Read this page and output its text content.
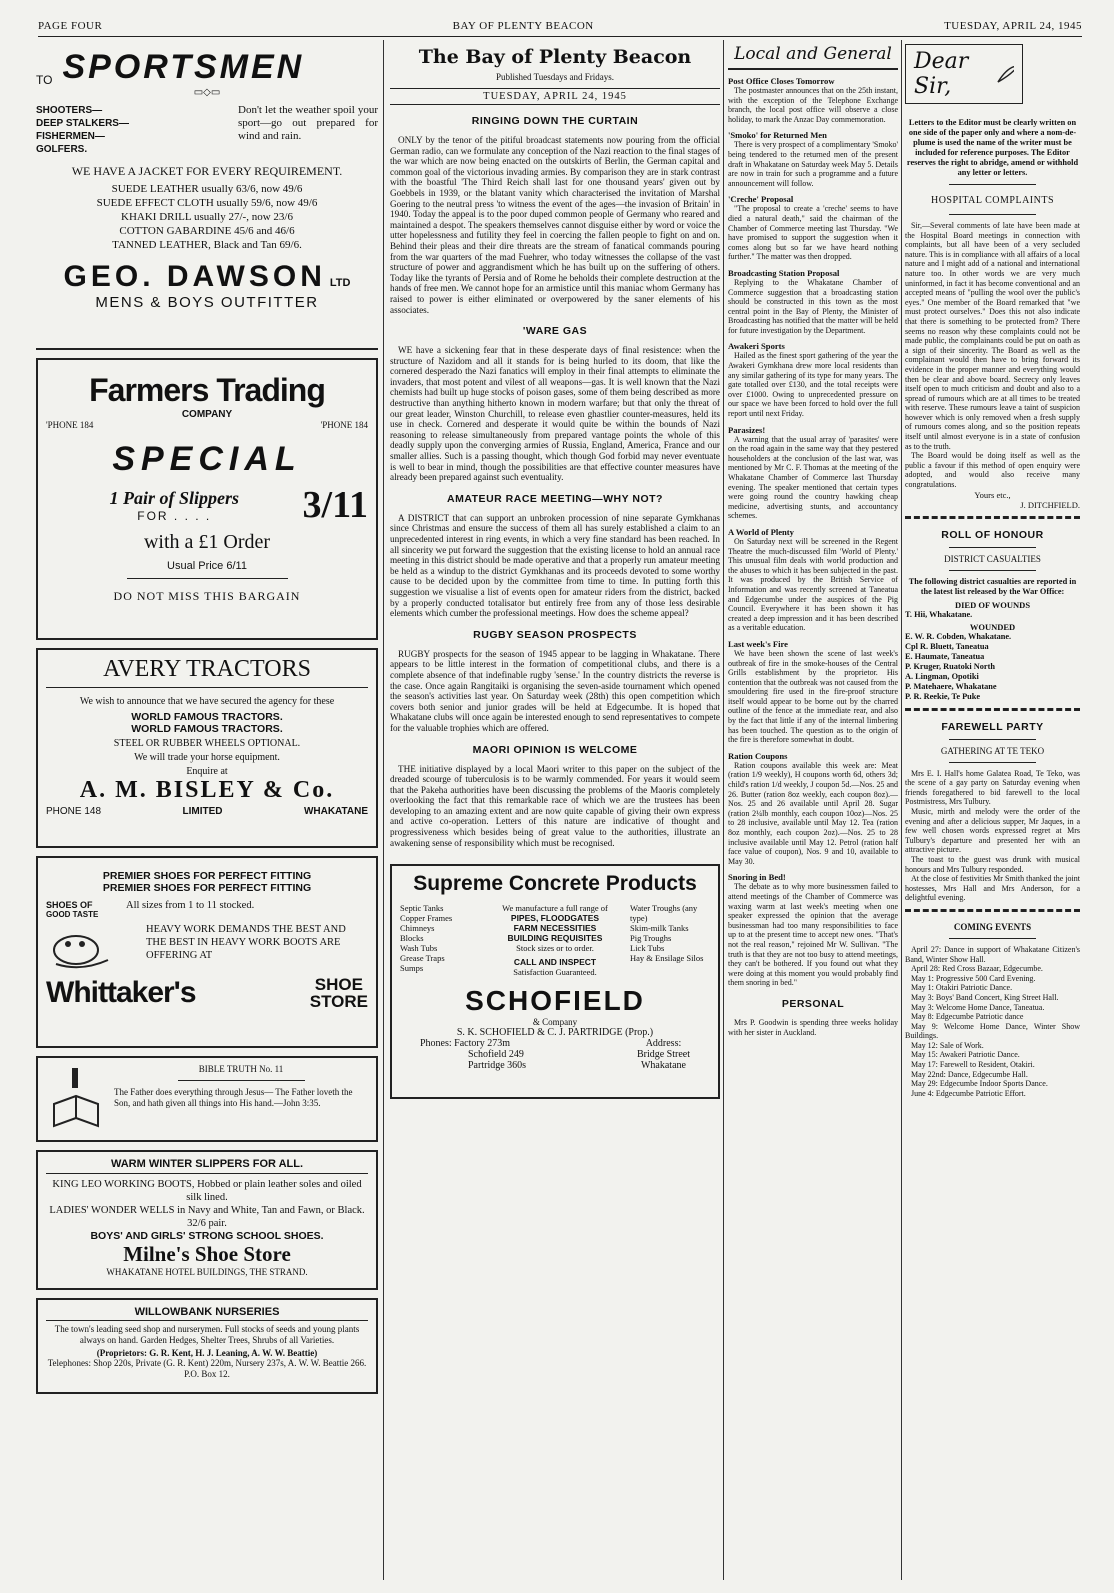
PAGE FOUR	BAY OF PLENTY BEACON	TUESDAY, APRIL 24, 1945
TO SPORTSMEN
▭◇▭
SHOOTERS—
DEEP STALKERS—
FISHERMEN—
GOLFERS.
Don't let the weather spoil your sport—go out prepared for wind and rain.
WE HAVE A JACKET FOR EVERY REQUIREMENT.
SUEDE LEATHER usually 63/6, now 49/6
SUEDE EFFECT CLOTH usually 59/6, now 49/6
KHAKI DRILL usually 27/-, now 23/6
COTTON GABARDINE 45/6 and 46/6
TANNED LEATHER, Black and Tan 69/6.
GEO. DAWSON LTD
MENS & BOYS OUTFITTER
Farmers Trading
COMPANY
'PHONE 184	'PHONE 184
SPECIAL
1 Pair of Slippers
FOR . . . .	3/11
with a £1 Order
Usual Price 6/11
DO NOT MISS THIS BARGAIN
AVERY TRACTORS
We wish to announce that we have secured the agency for these
WORLD FAMOUS TRACTORS.
WORLD FAMOUS TRACTORS.
STEEL OR RUBBER WHEELS OPTIONAL.
We will trade your horse equipment.
Enquire at
A. M. BISLEY & Co.
PHONE 148	LIMITED	WHAKATANE
PREMIER SHOES FOR PERFECT FITTING
PREMIER SHOES FOR PERFECT FITTING
SHOES OF
GOOD TASTE
All sizes from 1 to 11 stocked.
HEAVY WORK DEMANDS THE BEST AND THE BEST IN HEAVY WORK BOOTS ARE OFFERING AT
Whittaker's	SHOE
STORE
BIBLE TRUTH No. 11
The Father does everything through Jesus— The Father loveth the Son, and hath given all things into His hand.—John 3:35.
WARM WINTER SLIPPERS FOR ALL.
KING LEO WORKING BOOTS, Hobbed or plain leather soles and oiled silk lined.
LADIES' WONDER WELLS in Navy and White, Tan and Fawn, or Black. 32/6 pair.
BOYS' AND GIRLS' STRONG SCHOOL SHOES.
Milne's Shoe Store
WHAKATANE HOTEL BUILDINGS, THE STRAND.
WILLOWBANK NURSERIES
The town's leading seed shop and nurserymen. Full stocks of seeds and young plants always on hand. Garden Hedges, Shelter Trees, Shrubs of all Varieties.
(Proprietors: G. R. Kent, H. J. Leaning, A. W. W. Beattie)
Telephones: Shop 220s, Private (G. R. Kent) 220m, Nursery 237s, A. W. W. Beattie 266. P.O. Box 12.
The Bay of Plenty Beacon
Published Tuesdays and Fridays.
TUESDAY, APRIL 24, 1945
RINGING DOWN THE CURTAIN

ONLY by the tenor of the pitiful broadcast statements now pouring from the official German radio, can we formulate any conception of the Nazi reaction to the final stages of the war which are now being enacted on the outskirts of Berlin, the German capital and common goal of the victorious invading armies. By comparison they are in stark contrast with the boastful 'The Third Reich shall last for one thousand years' given out by Goebbels in 1939, or the blatant vanity which characterised the invitation of Marshal Goering to the neutral press 'to witness the event of the ages—the invasion of Britain' in 1940. Today the appeal is to the poor duped common people of Germany who reared and maintained a despot. The speakers themselves cannot disguise either by word or voice the utter hopelessness and futility they feel in coercing the fallen people to fight on and on. Behind their pleas and their dire threats are the stream of fanatical commands pouring from the war quarters of the mad Fuehrer, who today witnesses the collapse of the vast structure of power and aggrandisment which he has built up on the suffering of others. Today like the tyrants of Persia and of Rome he beholds their complete destruction at the hands of free men. We cannot hope for an armistice until this maniac whom Germany has raised to power is either eliminated or overpowered by the saner elements of his associates.

'WARE GAS

WE have a sickening fear that in these desperate days of final resistence: when the structure of Nazidom and all it stands for is being hurled to its doom, that like the cornered desperado the Nazi fanatics will employ in their final attempts to eliminate the invaders, that most potent and vilest of all weapons—gas. It is well known that the Nazi chemists had built up huge stocks of poison gases, some of them being described as more destructive than anything hitherto known in modern warfare; but that only the threat of our great leader, Winston Churchill, to release even ghastlier counter-measures, held its use in check. Cornered and desperate it would quite be within the bounds of Nazi reasoning to release simultaneously from prepared vantage points the whole of this deadly supply upon the converging armies of Russia, England, America, France and our smaller allies. Such is a passing thought, which though God forbid may never eventuate is well to bear in mind, though the possibilities are that effective counter measures have already been prepared against such eventuality.

AMATEUR RACE MEETING—WHY NOT?

A DISTRICT that can support an unbroken procession of nine separate Gymkhanas since Christmas and ensure the success of them all has surely established a claim to an unprecedented interest in ring events, in which a very fine standard has been reached. In all sincerity we put forward the suggestion that the existing license to hold an annual race meeting in this district should be made operative and that a properly run amateur meeting be held as a windup to the district Gymkhanas and its proceeds devoted to some worthy cause to be decided upon by the committee from time to time. In putting forth this suggestion we visualise a list of events open for amateur riders from the district, backed by a properly conducted totalisator but entirely free from any of those less desirable elements which cumber the professional meetings. How does the scheme appeal?

RUGBY SEASON PROSPECTS

RUGBY prospects for the season of 1945 appear to be lagging in Whakatane. There appears to be little interest in the formation of competitional clubs, and there is a complete absence of that indefinable rugby 'sense.' In the country districts the reverse is the case. Once again Rangitaiki is organising the seven-aside tournament which opened the season's activities last year. On Saturday week (28th) this open competition which covers both senior and junior grades will be held at Edgecumbe. It is hoped that Whakatane clubs will once again be interested enough to send representatives to compete for the valuable trophies which are offered.

MAORI OPINION IS WELCOME

THE initiative displayed by a local Maori writer to this paper on the subject of the dreaded scourge of tuberculosis is to be warmly commended. For years it would seem that the Pakeha authorities have been discussing the problems of the Maoris completely overlooking the fact that this remarkable race of which we are the trustees has been developing to an amazing extent and are now quite capable of giving their own express and active co-operation. Letters of this nature are indicative of thought and progressiveness which besides being of great value to the authorities, illustrate an awakening sense of responsibility which must be recognised.

Supreme Concrete Products
Septic Tanks
Copper Frames
Chimneys
Blocks
Wash Tubs
Grease Traps
Sumps
We manufacture a full range of
PIPES, FLOODGATES
FARM NECESSITIES
BUILDING REQUISITES
Stock sizes or to order.
CALL AND INSPECT
Satisfaction Guaranteed.
Water Troughs (any type)
Skim-milk Tanks
Pig Troughs
Lick Tubs
Hay & Ensilage Silos
SCHOFIELD
& Company
S. K. SCHOFIELD & C. J. PARTRIDGE (Prop.)
Phones: Factory 273m
Schofield 249
Partridge 360s
Address:
Bridge Street
Whakatane
Local and General
Post Office Closes Tomorrow

The postmaster announces that on the 25th instant, with the exception of the Telephone Exchange branch, the local post office will observe a close holiday, to mark the Anzac Day commemoration.

'Smoko' for Returned Men

There is very prospect of a complimentary 'Smoko' being tendered to the returned men of the present draft in Whakatane on Saturday week May 5. Details are now in train for such a programme and a future announcement will follow.

'Creche' Proposal

"The proposal to create a 'creche' seems to have died a natural death," said the chairman of the Chamber of Commerce meeting last Thursday. "We have promised to support the suggestion when it comes along but so far we have heard nothing further." The matter was then dropped.

Broadcasting Station Proposal

Replying to the Whakatane Chamber of Commerce suggestion that a broadcasting station should be constructed in this town as the most central point in the Bay of Plenty, the Minister of Broadcasting has notified that the matter will be held for future investigation by the Department.

Awakeri Sports

Hailed as the finest sport gathering of the year the Awakeri Gymkhana drew more local residents than any similar gathering of its type for many years. The gate totalled over £130, and the total receipts were over £1000. Owing to unprecedented pressure on our space we have been forced to hold over the full report until next Friday.

Parasizes!

A warning that the usual array of 'parasites' were on the road again in the same way that they pestered householders at the conclusion of the last war, was mentioned by Mr C. F. Thomas at the meeting of the Whakatane Chamber of Commerce last Thursday evening. The speaker mentioned that certain types were going round the country hawking cheap medicine, advertising stunts, and accountancy schemes.

A World of Plenty

On Saturday next will be screened in the Regent Theatre the much-discussed film 'World of Plenty.' This unusual film deals with world production and the abuses to which it has been subjected in the past. It was produced by the British Service of Information and was recently screened at Taneatua and Edgecumbe under the auspices of the Pig Council. Everywhere it has been shown it has created a deep impression and it has been described as a veritable education.

Last week's Fire

We have been shown the scene of last week's outbreak of fire in the smoke-houses of the Central Grills establishment by the proprietor. His contention that the outbreak was not caused from the smouldering fire used in the fire-proof structure itself would appear to be borne out by the charred outline of the fence at the immediate rear, and also by the fact that little if any of the internal limbering has been touched. The question as to the origin of the fire is therefore somewhat in doubt.

Ration Coupons

Ration coupons available this week are: Meat (ration 1/9 weekly), H coupons worth 6d, others 3d; child's ration 1/d weekly, J coupon 5d.—Nos. 25 and 26. Butter (ration 8oz weekly, each coupon 8oz).—Nos. 25 and 26 available until April 28. Sugar (ration 2¼lb monthly, each coupon 10oz)—Nos. 25 to 28 inclusive, available until May 12. Tea (ration 8oz monthly, each coupon 2oz).—Nos. 25 to 28 inclusive available until May 12. Petrol (ration half face value of coupon), Nos. 9 and 10, available to May 30.

Snoring in Bed!

The debate as to why more businessmen failed to attend meetings of the Chamber of Commerce was waxing warm at last week's meeting when one speaker expressed the opinion that the average businessman had too many responsibilities to face up to at the present time to accept new ones. "That's not the real reason," rejoined Mr W. Sullivan. "The truth is that they are not too busy to attend meetings, they can't be bothered. If you found out what they were doing at this moment you would probably find them snoring in bed."

PERSONAL

Mrs P. Goodwin is spending three weeks holiday with her sister in Auckland.

Dear Sir,

Letters to the Editor must be clearly written on one side of the paper only and where a nom-de-plume is used the name of the writer must be included for reference purposes. The Editor reserves the right to abridge, amend or withhold any letter or letters.

HOSPITAL COMPLAINTS

Sir,—Several comments of late have been made at the Hospital Board meetings in connection with complaints, but all have been of a very secluded nature. This is in compliance with all affairs of a local nature and I might add of a national and international nature too. In other words we are very much uninformed, in fact it has become conventional and an accepted means of "pulling the wool over the public's eyes." One member of the Board remarked that "we must protect ourselves." Does this not also indicate that there is something to be protected from? There seems no reason why these complaints could not be made public, the complainants could be put on oath as a sign of their sincerity. The Board as well as the complainant would then have to bring forward its evidence in the proper manner and everything would then be clear and above board. Secrecy only leaves itself open to much criticism and doubt and also to a spread of rumours which are at all times to be treated with reserve. These rumours leave a taint of suspicion however which is only removed when a fresh supply of rumours comes along, and so the position repeats itself until almost everyone is in a state of confusion as to the truth.

The Board would be doing itself as well as the public a favour if this method of open enquiry were adopted, and would also receive many congratulations.

Yours etc.,
J. DITCHFIELD.
ROLL OF HONOUR
DISTRICT CASUALTIES

The following district casualties are reported in the latest list released by the War Office:

DIED OF WOUNDS
T. Hii, Whakatane.
WOUNDED
E. W. R. Cobden, Whakatane.
Cpl R. Bluett, Taneatua
E. Haumate, Taneatua
P. Kruger, Ruatoki North
A. Lingman, Opotiki
P. Matehaere, Whakatane
P. R. Reekie, Te Puke
FAREWELL PARTY
GATHERING AT TE TEKO

Mrs E. I. Hall's home Galatea Road, Te Teko, was the scene of a gay party on Saturday evening when friends foregathered to bid farewell to the local Postmistress, Mrs Tulbury.

Music, mirth and melody were the order of the evening and after a delicious supper, Mr Jaques, in a few well chosen words expressed regret at Mrs Tulbury's departure and presented her with an attractive picture.

The toast to the guest was drunk with musical honours and Mrs Tulbury responded.

At the close of festivities Mr Smith thanked the joint hostesses, Mrs Hall and Mrs Anderson, for a delightful evening.

COMING EVENTS

April 27: Dance in support of Whakatane Citizen's Band, Winter Show Hall.

April 28: Red Cross Bazaar, Edgecumbe.

May 1: Progressive 500 Card Evening.

May 1: Otakiri Patriotic Dance.

May 3: Boys' Band Concert, King Street Hall.

May 3: Welcome Home Dance, Taneatua.

May 8: Edgecumbe Patriotic dance

May 9: Welcome Home Dance, Winter Show Buildings.

May 12: Sale of Work.

May 15: Awakeri Patriotic Dance.

May 17: Farewell to Resident, Otakiri.

May 22nd: Dance, Edgecumbe Hall.

May 29: Edgecumbe Indoor Sports Dance.

June 4: Edgecumbe Patriotic Effort.
